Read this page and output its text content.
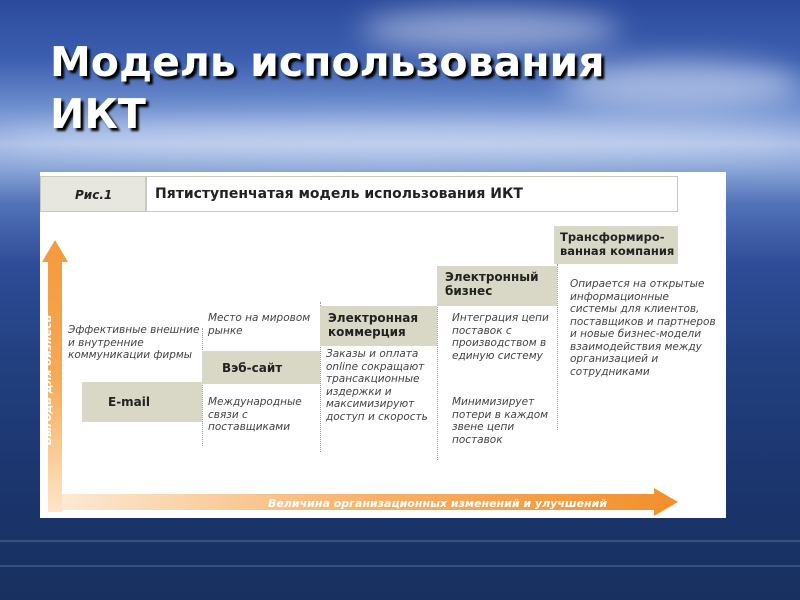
Модель использования
ИКТ
Рис.1	Пятиступенчатая модель использования ИКТ
Выгода для бизнеса
Величина организационных изменений и улучшений
Эффективные внешние и внутренние коммуникации фирмы
E-mail
Место на мировом рынке
Вэб-сайт
Международные связи с поставщиками
Электронная коммерция
Заказы и оплата online сокращают трансакционные издержки и максимизируют доступ и скорость
Электронный бизнес
Интеграция цепи поставок с производством в единую систему
Минимизирует потери в каждом звене цепи поставок
Трансформиро-ванная компания
Опирается на открытые информационные системы для клиентов, поставщиков и партнеров и новые бизнес-модели взаимодействия между организацией и сотрудниками
